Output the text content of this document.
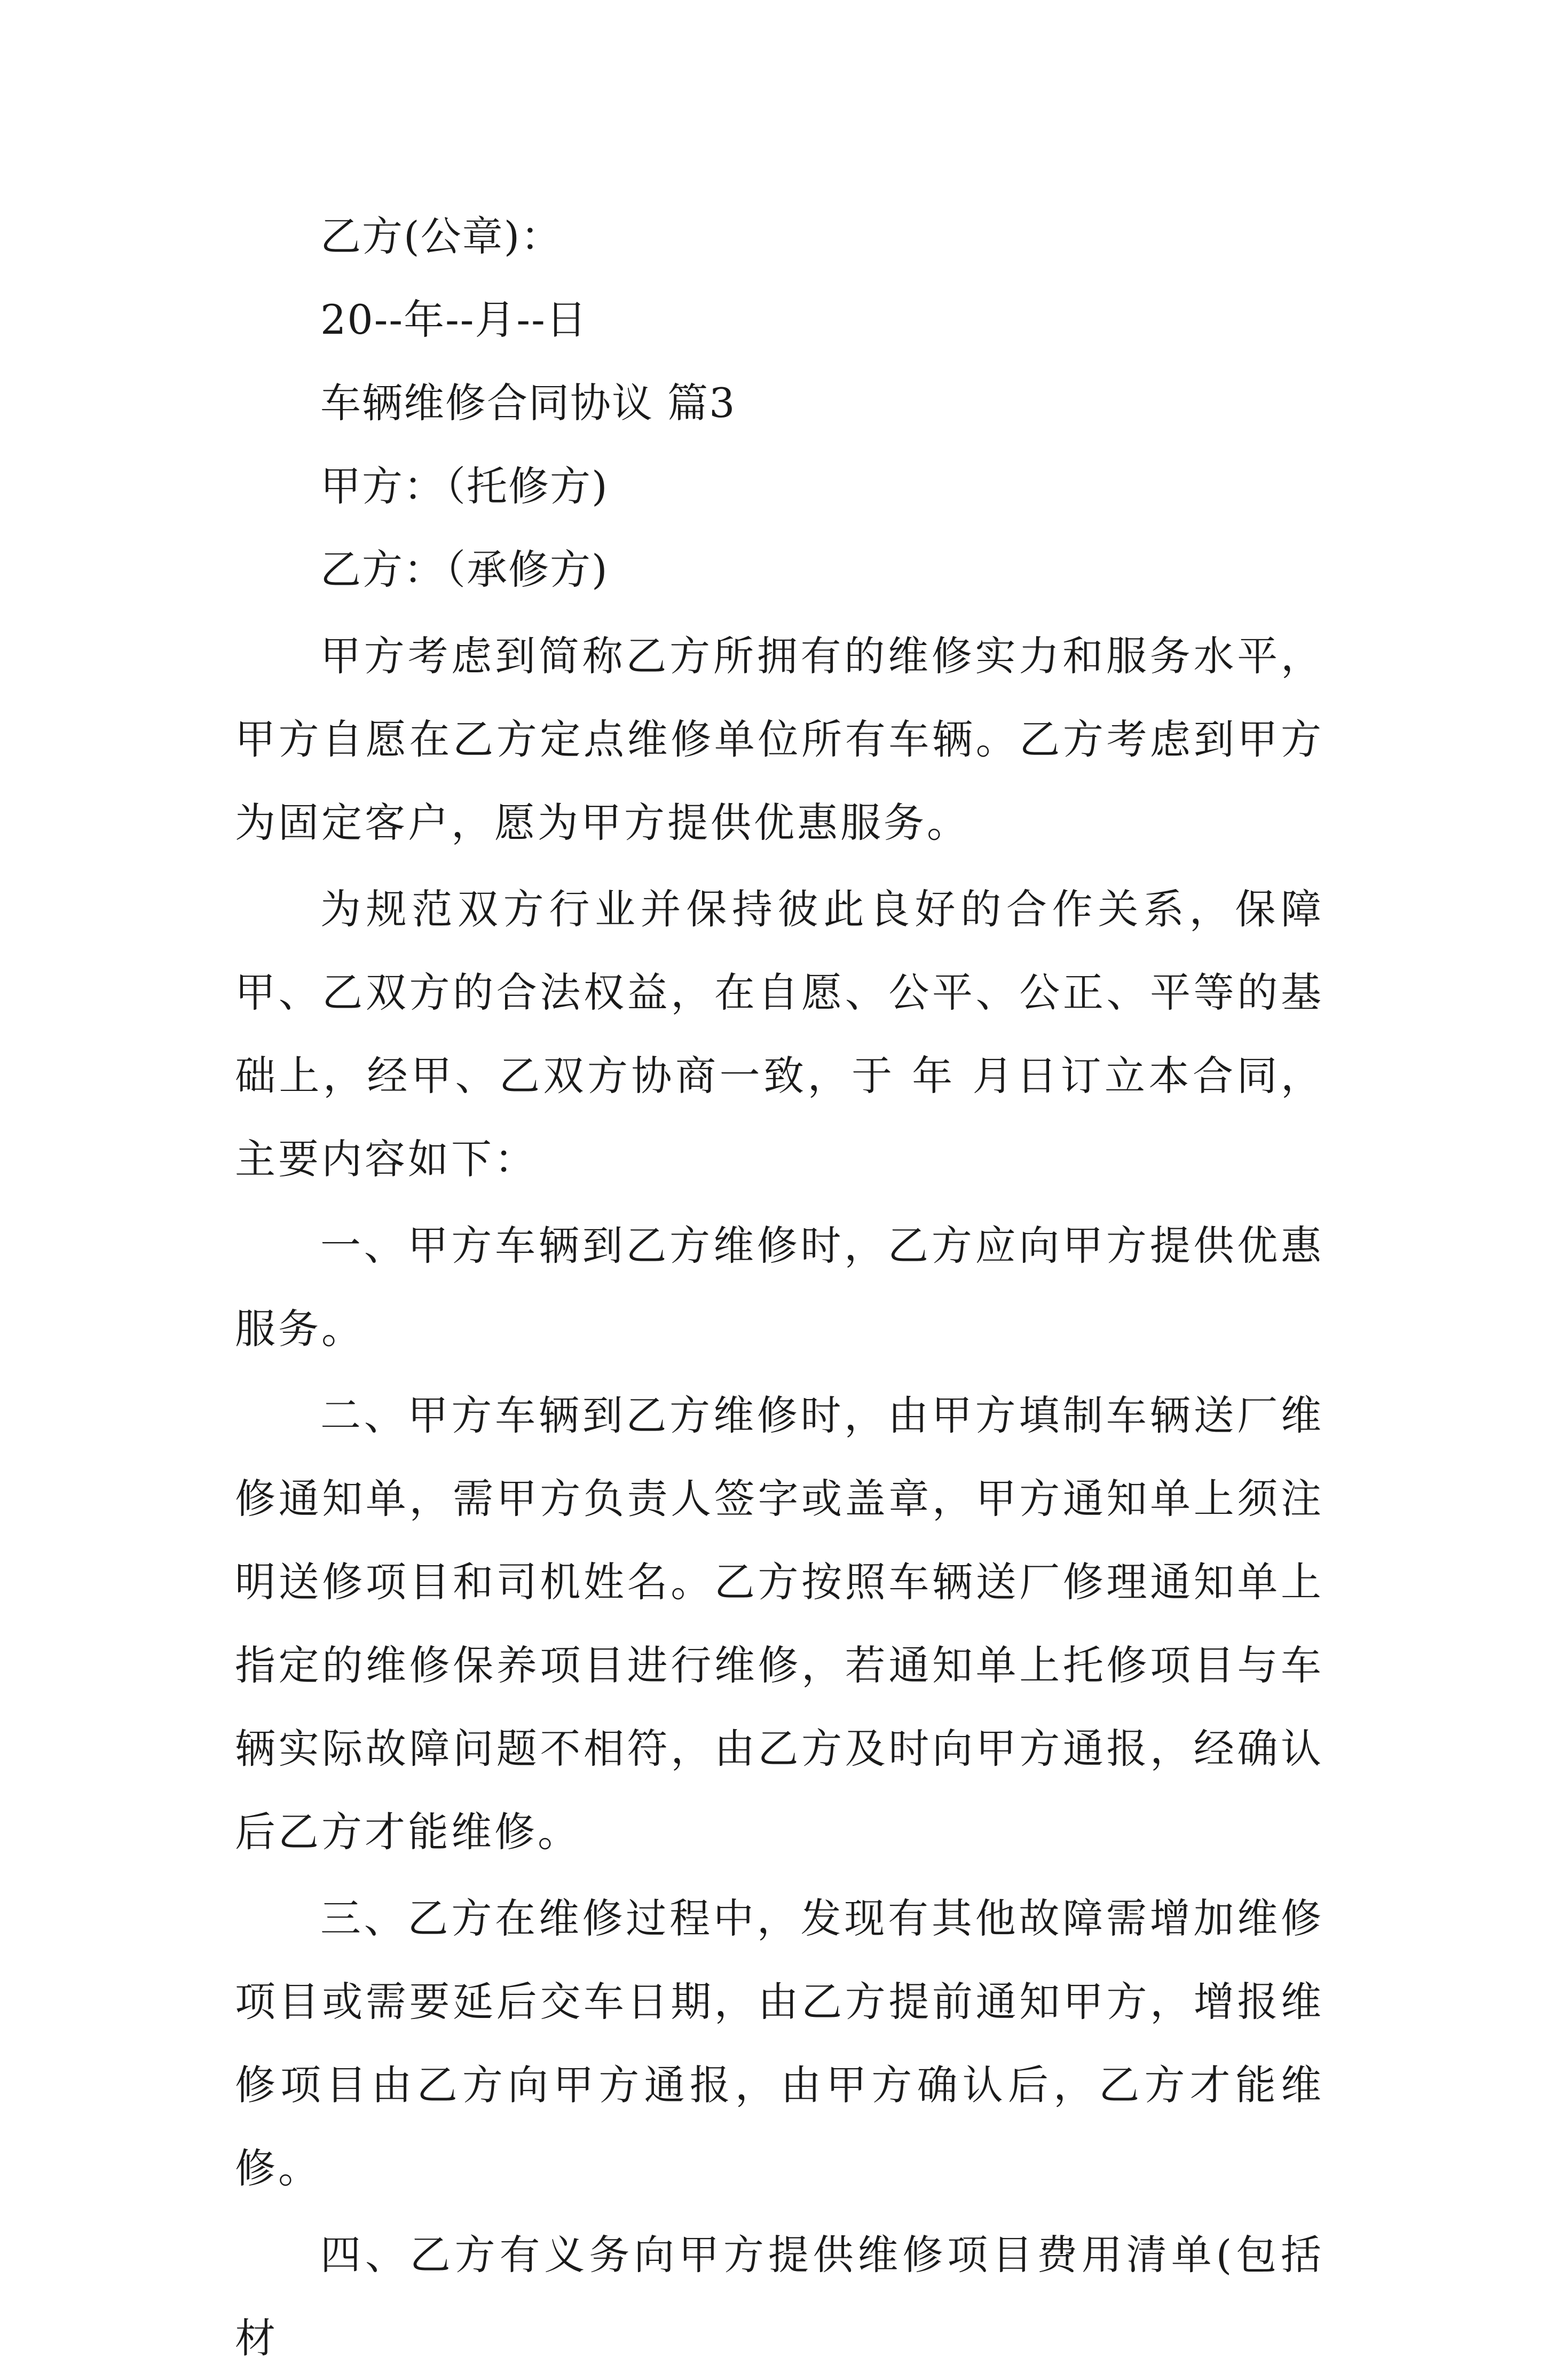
乙方(公章)：
20--年--月--日
车辆维修合同协议 篇3
甲方：（托修方)
乙方：（承修方)

甲方考虑到简称乙方所拥有的维修实力和服务水平，甲方自愿在乙方定点维修单位所有车辆。乙方考虑到甲方为固定客户，愿为甲方提供优惠服务。

为规范双方行业并保持彼此良好的合作关系，保障甲、乙双方的合法权益，在自愿、公平、公正、平等的基础上，经甲、乙双方协商一致，于 年 月日订立本合同，主要内容如下：

一、甲方车辆到乙方维修时，乙方应向甲方提供优惠服务。

二、甲方车辆到乙方维修时，由甲方填制车辆送厂维修通知单，需甲方负责人签字或盖章，甲方通知单上须注明送修项目和司机姓名。乙方按照车辆送厂修理通知单上指定的维修保养项目进行维修，若通知单上托修项目与车辆实际故障问题不相符，由乙方及时向甲方通报，经确认后乙方才能维修。

三、乙方在维修过程中，发现有其他故障需增加维修项目或需要延后交车日期，由乙方提前通知甲方，增报维修项目由乙方向甲方通报，由甲方确认后，乙方才能维修。

四、乙方有义务向甲方提供维修项目费用清单(包括材
